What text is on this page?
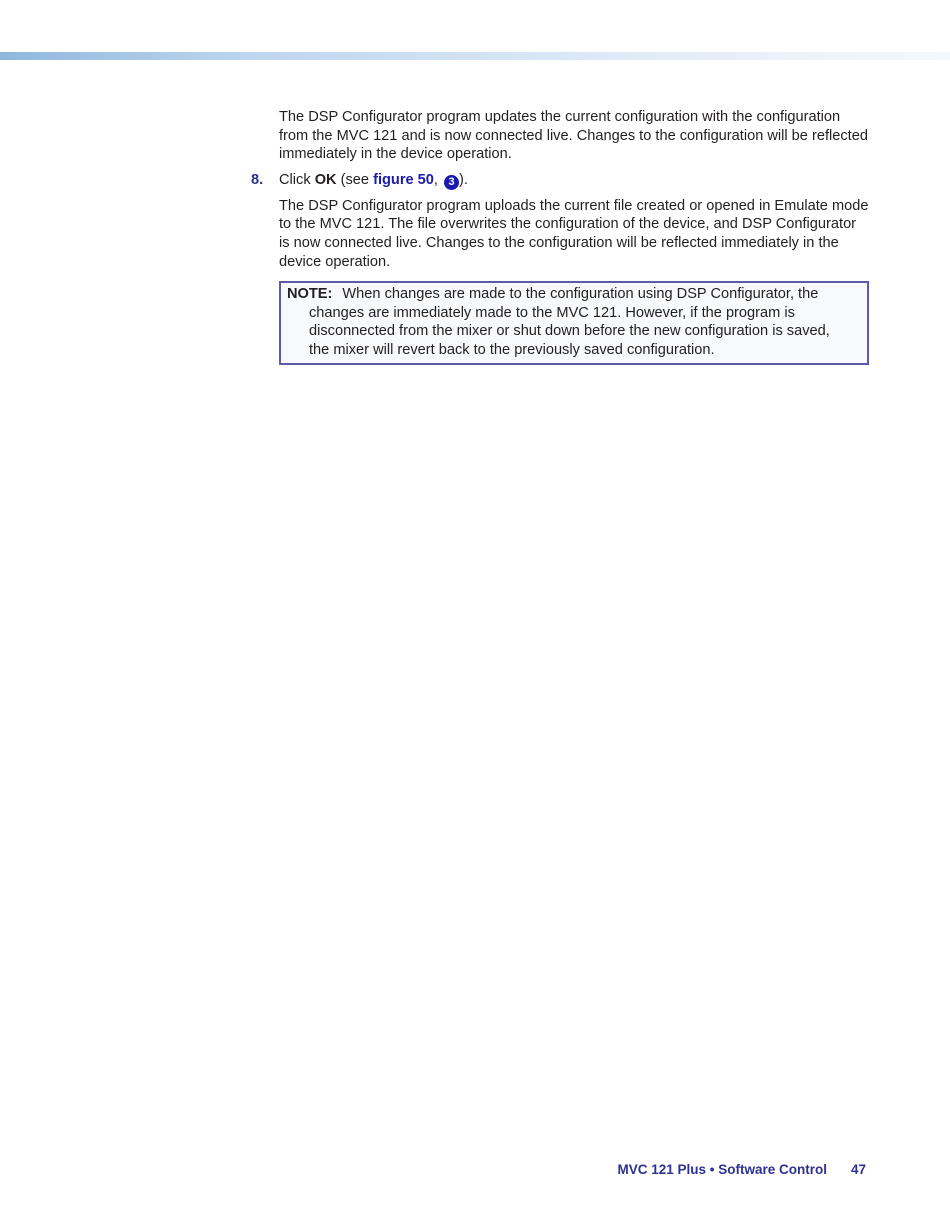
The DSP Configurator program updates the current configuration with the configuration from the MVC 121 and is now connected live. Changes to the configuration will be reflected immediately in the device operation.

8. Click OK (see figure 50, 3 ).

The DSP Configurator program uploads the current file created or opened in Emulate mode to the MVC 121. The file overwrites the configuration of the device, and DSP Configurator is now connected live. Changes to the configuration will be reflected immediately in the device operation.

NOTE: When changes are made to the configuration using DSP Configurator, the changes are immediately made to the MVC 121. However, if the program is disconnected from the mixer or shut down before the new configuration is saved, the mixer will revert back to the previously saved configuration.

MVC 121 Plus • Software Control 47
